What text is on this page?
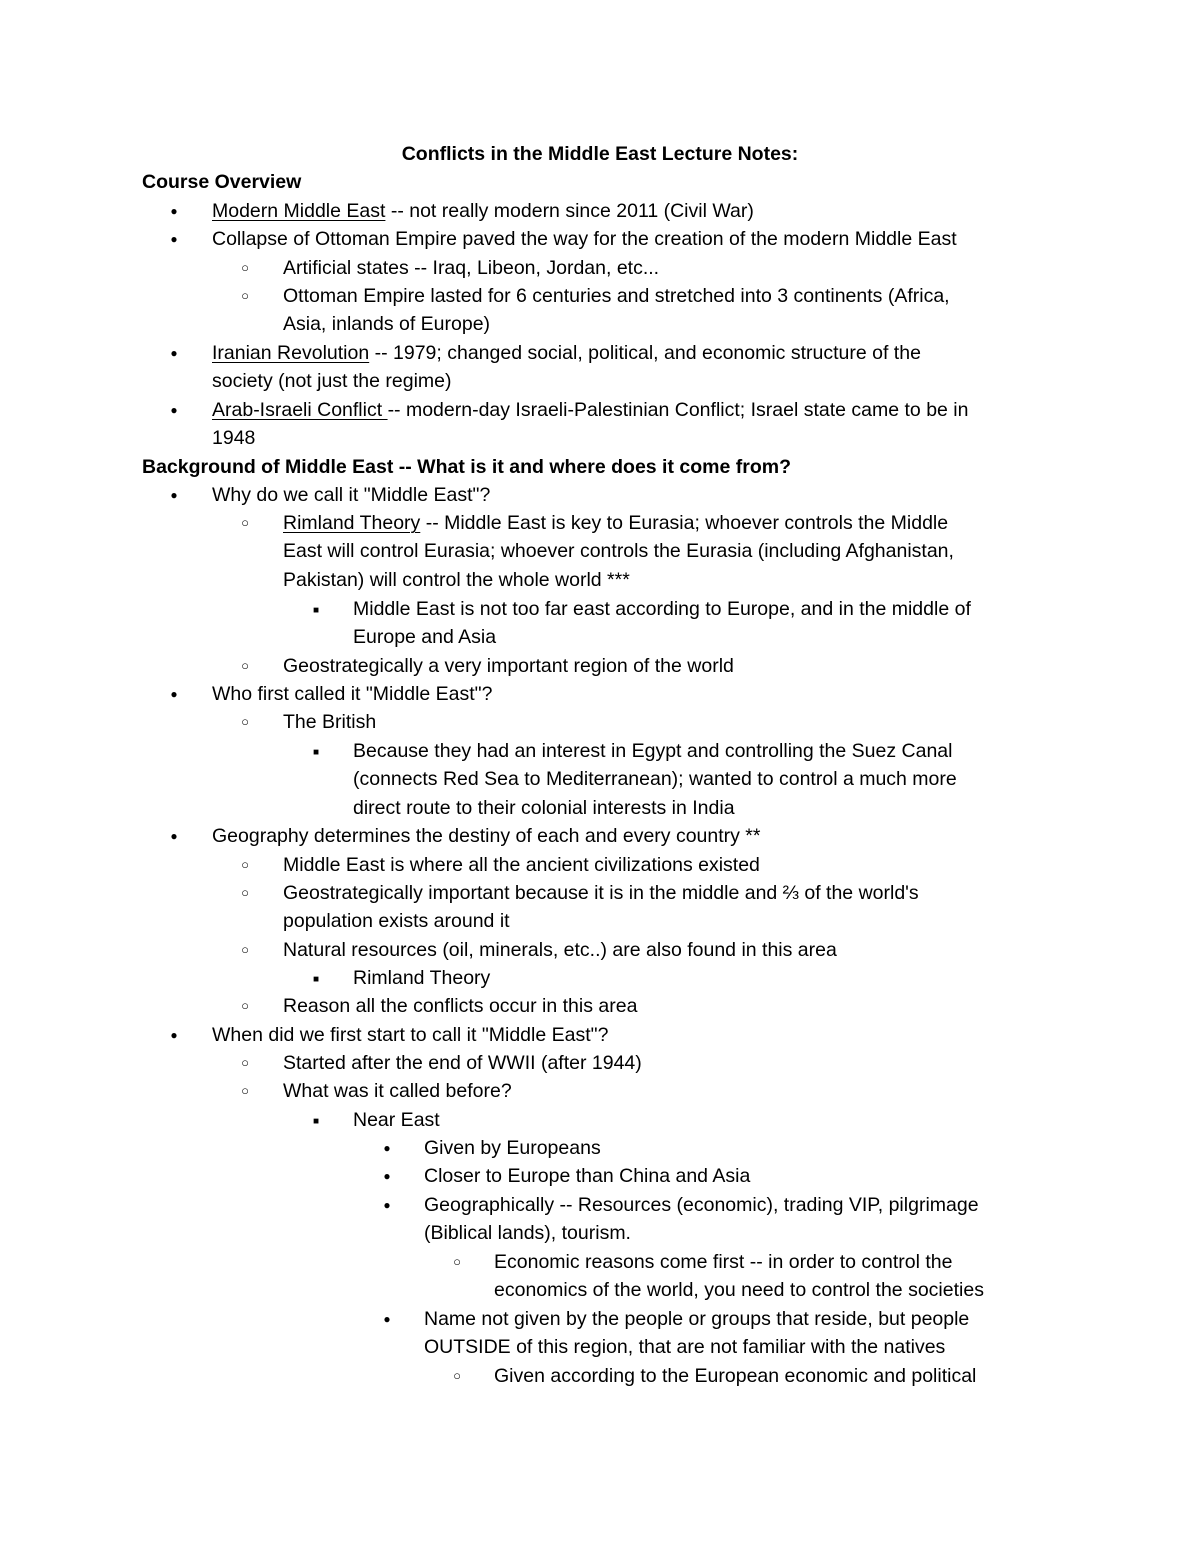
Conflicts in the Middle East Lecture Notes:
Course Overview
Background of Middle East -- What is it and where does it come from?
●
Modern Middle East -- not really modern since 2011 (Civil War)
●
Collapse of Ottoman Empire paved the way for the creation of the modern Middle East
○
Artificial states -- Iraq, Libeon, Jordan, etc...
○
Ottoman Empire lasted for 6 centuries and stretched into 3 continents (Africa,
Asia, inlands of Europe)
●
Iranian Revolution -- 1979; changed social, political, and economic structure of the
society (not just the regime)
●
Arab-Israeli Conflict -- modern-day Israeli-Palestinian Conflict; Israel state came to be in
1948
●
Why do we call it "Middle East"?
○
Rimland Theory -- Middle East is key to Eurasia; whoever controls the Middle
East will control Eurasia; whoever controls the Eurasia (including Afghanistan,
Pakistan) will control the whole world ***
■
Middle East is not too far east according to Europe, and in the middle of
Europe and Asia
○
Geostrategically a very important region of the world
●
Who first called it "Middle East"?
○
The British
■
Because they had an interest in Egypt and controlling the Suez Canal
(connects Red Sea to Mediterranean); wanted to control a much more
direct route to their colonial interests in India
●
Geography determines the destiny of each and every country **
○
Middle East is where all the ancient civilizations existed
○
Geostrategically important because it is in the middle and ⅔ of the world's
population exists around it
○
Natural resources (oil, minerals, etc..) are also found in this area
■
Rimland Theory
○
Reason all the conflicts occur in this area
●
When did we first start to call it "Middle East"?
○
Started after the end of WWII (after 1944)
○
What was it called before?
■
Near East
●
Given by Europeans
●
Closer to Europe than China and Asia
●
Geographically -- Resources (economic), trading VIP, pilgrimage
(Biblical lands), tourism.
○
Economic reasons come first -- in order to control the
economics of the world, you need to control the societies
●
Name not given by the people or groups that reside, but people
OUTSIDE of this region, that are not familiar with the natives
○
Given according to the European economic and political
